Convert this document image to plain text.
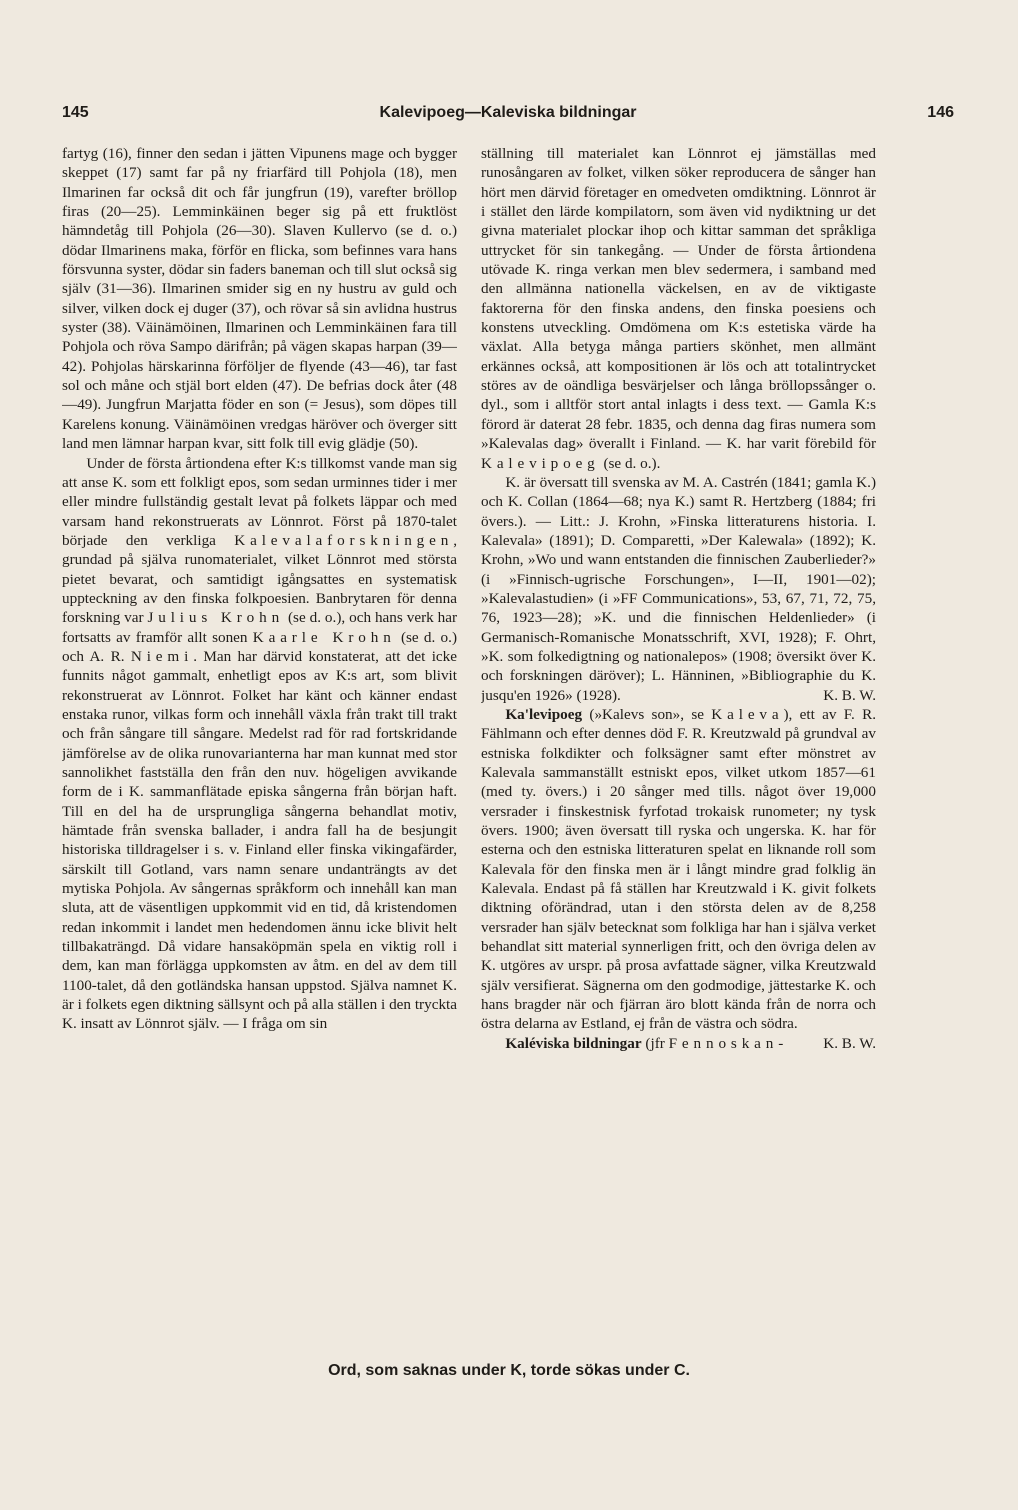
145	Kalevipoeg—Kaleviska bildningar	146

fartyg (16), finner den sedan i jätten Vipunens mage och bygger skeppet (17) samt far på ny friarfärd till Pohjola (18), men Ilmarinen far också dit och får jungfrun (19), varefter bröllop firas (20—25). Lemminkäinen beger sig på ett fruktlöst hämndetåg till Pohjola (26—30). Slaven Kullervo (se d. o.) dödar Ilmarinens maka, förför en flicka, som befinnes vara hans försvunna syster, dödar sin faders baneman och till slut också sig själv (31—36). Ilmarinen smider sig en ny hustru av guld och silver, vilken dock ej duger (37), och rövar så sin avlidna hustrus syster (38). Väinämöinen, Ilmarinen och Lemminkäinen fara till Pohjola och röva Sampo därifrån; på vägen skapas harpan (39—42). Pohjolas härskarinna förföljer de flyende (43—46), tar fast sol och måne och stjäl bort elden (47). De befrias dock åter (48—49). Jungfrun Marjatta föder en son (= Jesus), som döpes till Karelens konung. Väinämöinen vredgas häröver och överger sitt land men lämnar harpan kvar, sitt folk till evig glädje (50).

Under de första årtiondena efter K:s tillkomst vande man sig att anse K. som ett folkligt epos, som sedan urminnes tider i mer eller mindre fullständig gestalt levat på folkets läppar och med varsam hand rekonstruerats av Lönnrot. Först på 1870-talet började den verkliga Kalevalaforskningen, grundad på själva runomaterialet, vilket Lönnrot med största pietet bevarat, och samtidigt igångsattes en systematisk uppteckning av den finska folkpoesien. Banbrytaren för denna forskning var Julius Krohn (se d. o.), och hans verk har fortsatts av framför allt sonen Kaarle Krohn (se d. o.) och A. R. Niemi. Man har därvid konstaterat, att det icke funnits något gammalt, enhetligt epos av K:s art, som blivit rekonstruerat av Lönnrot. Folket har känt och känner endast enstaka runor, vilkas form och innehåll växla från trakt till trakt och från sångare till sångare. Medelst rad för rad fortskridande jämförelse av de olika runovarianterna har man kunnat med stor sannolikhet fastställa den från den nuv. högeligen avvikande form de i K. sammanflätade episka sångerna från början haft. Till en del ha de ursprungliga sångerna behandlat motiv, hämtade från svenska ballader, i andra fall ha de besjungit historiska tilldragelser i s. v. Finland eller finska vikingafärder, särskilt till Gotland, vars namn senare undanträngts av det mytiska Pohjola. Av sångernas språkform och innehåll kan man sluta, att de väsentligen uppkommit vid en tid, då kristendomen redan inkommit i landet men hedendomen ännu icke blivit helt tillbakaträngd. Då vidare hansaköpmän spela en viktig roll i dem, kan man förlägga uppkomsten av åtm. en del av dem till 1100-talet, då den gotländska hansan uppstod. Själva namnet K. är i folkets egen diktning sällsynt och på alla ställen i den tryckta K. insatt av Lönnrot själv. — I fråga om sin

ställning till materialet kan Lönnrot ej jämställas med runosångaren av folket, vilken söker reproducera de sånger han hört men därvid företager en omedveten omdiktning. Lönnrot är i stället den lärde kompilatorn, som även vid nydiktning ur det givna materialet plockar ihop och kittar samman det språkliga uttrycket för sin tankegång. — Under de första årtiondena utövade K. ringa verkan men blev sedermera, i samband med den allmänna nationella väckelsen, en av de viktigaste faktorerna för den finska andens, den finska poesiens och konstens utveckling. Omdömena om K:s estetiska värde ha växlat. Alla betyga många partiers skönhet, men allmänt erkännes också, att kompositionen är lös och att totalintrycket störes av de oändliga besvärjelser och långa bröllopssånger o. dyl., som i alltför stort antal inlagts i dess text. — Gamla K:s förord är daterat 28 febr. 1835, och denna dag firas numera som »Kalevalas dag» överallt i Finland. — K. har varit förebild för Kalevipoeg (se d. o.).

K. är översatt till svenska av M. A. Castrén (1841; gamla K.) och K. Collan (1864—68; nya K.) samt R. Hertzberg (1884; fri övers.). — Litt.: J. Krohn, »Finska litteraturens historia. I. Kalevala» (1891); D. Comparetti, »Der Kalewala» (1892); K. Krohn, »Wo und wann entstanden die finnischen Zauberlieder?» (i »Finnisch-ugrische Forschungen», I—II, 1901—02); »Kalevalastudien» (i »FF Communications», 53, 67, 71, 72, 75, 76, 1923—28); »K. und die finnischen Heldenlieder» (i Germanisch-Romanische Monatsschrift, XVI, 1928); F. Ohrt, »K. som folkedigtning og nationalepos» (1908; översikt över K. och forskningen däröver); L. Hänninen, »Bibliographie du K. jusqu'en 1926» (1928).	K. B. W.

Ka'levipoeg (»Kalevs son», se Kaleva), ett av F. R. Fählmann och efter dennes död F. R. Kreutzwald på grundval av estniska folkdikter och folksägner samt efter mönstret av Kalevala sammanställt estniskt epos, vilket utkom 1857—61 (med ty. övers.) i 20 sånger med tills. något över 19,000 versrader i finskestnisk fyrfotad trokaisk runometer; ny tysk övers. 1900; även översatt till ryska och ungerska. K. har för esterna och den estniska litteraturen spelat en liknande roll som Kalevala för den finska men är i långt mindre grad folklig än Kalevala. Endast på få ställen har Kreutzwald i K. givit folkets diktning oförändrad, utan i den största delen av de 8,258 versrader han själv betecknat som folkliga har han i själva verket behandlat sitt material synnerligen fritt, och den övriga delen av K. utgöres av urspr. på prosa avfattade sägner, vilka Kreutzwald själv versifierat. Sägnerna om den godmodige, jättestarke K. och hans bragder när och fjärran äro blott kända från de norra och östra delarna av Estland, ej från de västra och södra.
K. B. W.

Kaléviska bildningar (jfr Fennoskan-

Ord, som saknas under K, torde sökas under C.
